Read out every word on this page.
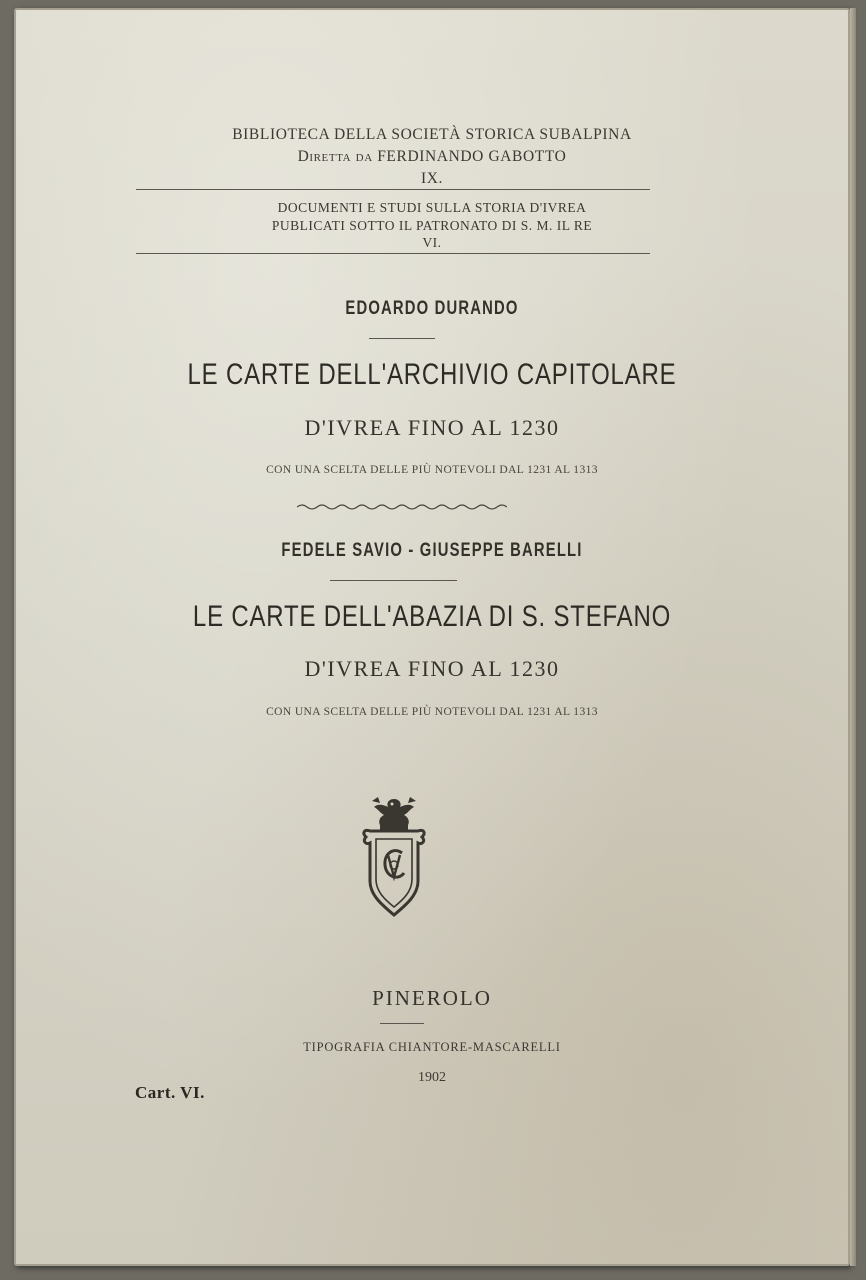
BIBLIOTECA DELLA SOCIETÀ STORICA SUBALPINA
Diretta da FERDINANDO GABOTTO
IX.
DOCUMENTI E STUDI SULLA STORIA D'IVREA
PUBLICATI SOTTO IL PATRONATO DI S. M. IL RE
VI.
EDOARDO DURANDO
LE CARTE DELL'ARCHIVIO CAPITOLARE
D'IVREA FINO AL 1230
CON UNA SCELTA DELLE PIÙ NOTEVOLI DAL 1231 AL 1313
FEDELE SAVIO - GIUSEPPE BARELLI
LE CARTE DELL'ABAZIA DI S. STEFANO
D'IVREA FINO AL 1230
CON UNA SCELTA DELLE PIÙ NOTEVOLI DAL 1231 AL 1313
PINEROLO
TIPOGRAFIA CHIANTORE-MASCARELLI
1902
Cart. VI.
